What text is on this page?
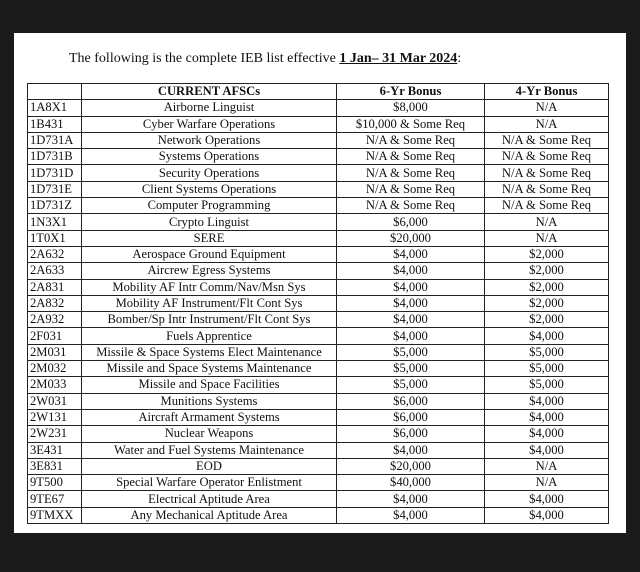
The following is the complete IEB list effective 1 Jan– 31 Mar 2024:
	CURRENT AFSCs	6-Yr Bonus	4-Yr Bonus
1A8X1	Airborne Linguist	$8,000	N/A
1B431	Cyber Warfare Operations	$10,000 & Some Req	N/A
1D731A	Network Operations	N/A & Some Req	N/A & Some Req
1D731B	Systems Operations	N/A & Some Req	N/A & Some Req
1D731D	Security Operations	N/A & Some Req	N/A & Some Req
1D731E	Client Systems Operations	N/A & Some Req	N/A & Some Req
1D731Z	Computer Programming	N/A & Some Req	N/A & Some Req
1N3X1	Crypto Linguist	$6,000	N/A
1T0X1	SERE	$20,000	N/A
2A632	Aerospace Ground Equipment	$4,000	$2,000
2A633	Aircrew Egress Systems	$4,000	$2,000
2A831	Mobility AF Intr Comm/Nav/Msn Sys	$4,000	$2,000
2A832	Mobility AF Instrument/Flt Cont Sys	$4,000	$2,000
2A932	Bomber/Sp Intr Instrument/Flt Cont Sys	$4,000	$2,000
2F031	Fuels Apprentice	$4,000	$4,000
2M031	Missile & Space Systems Elect Maintenance	$5,000	$5,000
2M032	Missile and Space Systems Maintenance	$5,000	$5,000
2M033	Missile and Space Facilities	$5,000	$5,000
2W031	Munitions Systems	$6,000	$4,000
2W131	Aircraft Armament Systems	$6,000	$4,000
2W231	Nuclear Weapons	$6,000	$4,000
3E431	Water and Fuel Systems Maintenance	$4,000	$4,000
3E831	EOD	$20,000	N/A
9T500	Special Warfare Operator Enlistment	$40,000	N/A
9TE67	Electrical Aptitude Area	$4,000	$4,000
9TMXX	Any Mechanical Aptitude Area	$4,000	$4,000
